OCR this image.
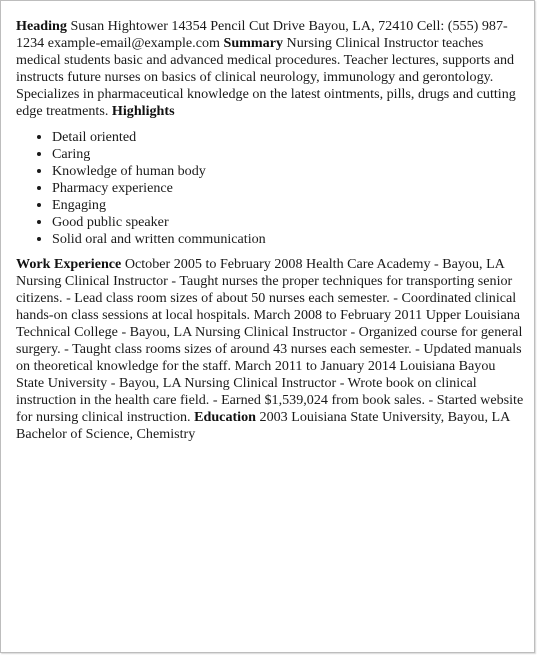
Heading Susan Hightower 14354 Pencil Cut Drive Bayou, LA, 72410 Cell: (555) 987-1234 example-email@example.com Summary Nursing Clinical Instructor teaches medical students basic and advanced medical procedures. Teacher lectures, supports and instructs future nurses on basics of clinical neurology, immunology and gerontology. Specializes in pharmaceutical knowledge on the latest ointments, pills, drugs and cutting edge treatments. Highlights

• Detail oriented
• Caring
• Knowledge of human body
• Pharmacy experience
• Engaging
• Good public speaker
• Solid oral and written communication

Work Experience October 2005 to February 2008 Health Care Academy - Bayou, LA Nursing Clinical Instructor - Taught nurses the proper techniques for transporting senior citizens. - Lead class room sizes of about 50 nurses each semester. - Coordinated clinical hands-on class sessions at local hospitals. March 2008 to February 2011 Upper Louisiana Technical College - Bayou, LA Nursing Clinical Instructor - Organized course for general surgery. - Taught class rooms sizes of around 43 nurses each semester. - Updated manuals on theoretical knowledge for the staff. March 2011 to January 2014 Louisiana Bayou State University - Bayou, LA Nursing Clinical Instructor - Wrote book on clinical instruction in the health care field. - Earned $1,539,024 from book sales. - Started website for nursing clinical instruction. Education 2003 Louisiana State University, Bayou, LA Bachelor of Science, Chemistry
